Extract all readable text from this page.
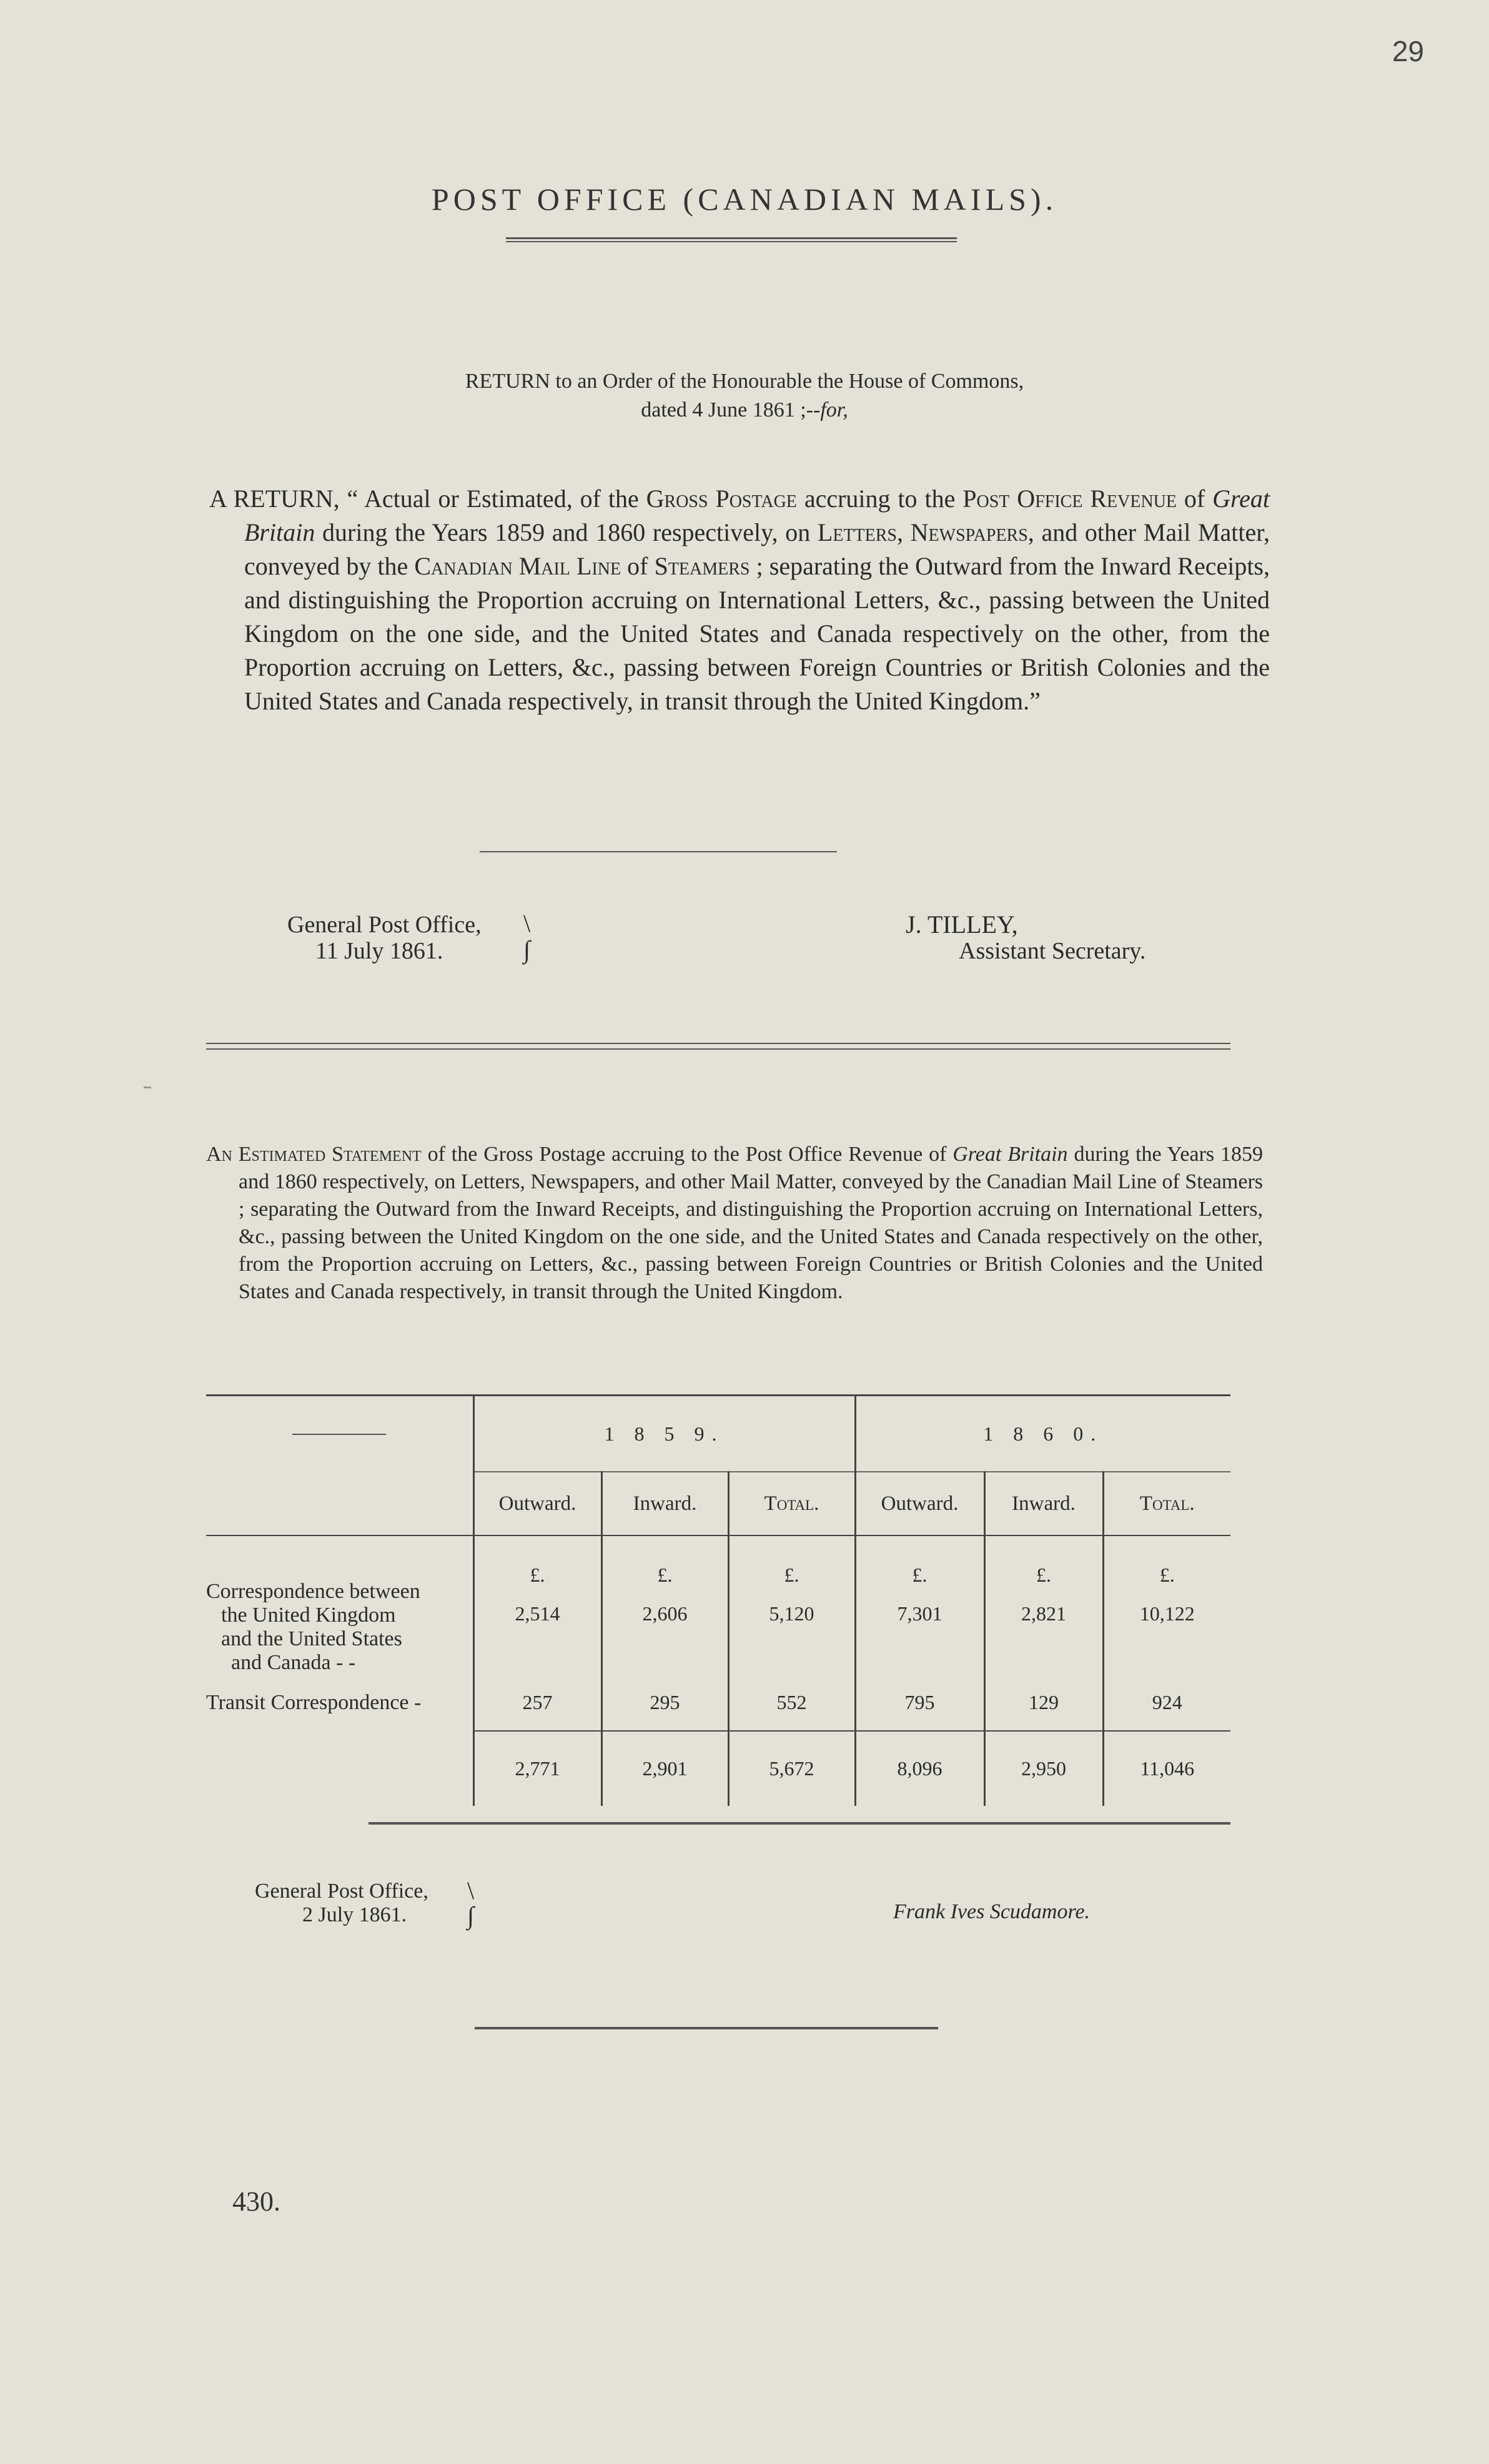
29
POST OFFICE (CANADIAN MAILS).
RETURN to an Order of the Honourable the House of Commons,
dated 4 June 1861 ;--for,
A RETURN, “ Actual or Estimated, of the Gross Postage accruing to the Post Office Revenue of Great Britain during the Years 1859 and 1860 respectively, on Letters, Newspapers, and other Mail Matter, conveyed by the Canadian Mail Line of Steamers ; separating the Outward from the Inward Receipts, and distinguishing the Proportion accruing on International Letters, &c., passing between the United Kingdom on the one side, and the United States and Canada respectively on the other, from the Proportion accruing on Letters, &c., passing between Foreign Countries or British Colonies and the United States and Canada respectively, in transit through the United Kingdom.”
General Post Office,
11 July 1861.
\
∫
J. TILLEY,
Assistant Secretary.
An Estimated Statement of the Gross Postage accruing to the Post Office Revenue of Great Britain during the Years 1859 and 1860 respectively, on Letters, Newspapers, and other Mail Matter, conveyed by the Canadian Mail Line of Steamers ; separating the Outward from the Inward Receipts, and distinguishing the Proportion accruing on International Letters, &c., passing between the United Kingdom on the one side, and the United States and Canada respectively on the other, from the Proportion accruing on Letters, &c., passing between Foreign Countries or British Colonies and the United States and Canada respectively, in transit through the United Kingdom.
	1 8 5 9.			1 8 6 0.		
	Outward.	Inward.	Total.	Outward.	Inward.	Total.

Correspondence between
the United Kingdom
and the United States
and Canada - -	£.	£.	£.	£.	£.	£.
	2,514	2,606	5,120	7,301	2,821	10,122
Transit Correspondence -	257	295	552	795	129	924
	2,771	2,901	5,672	8,096	2,950	11,046
General Post Office,
2 July 1861.
\
∫	Frank Ives Scudamore.
430.
